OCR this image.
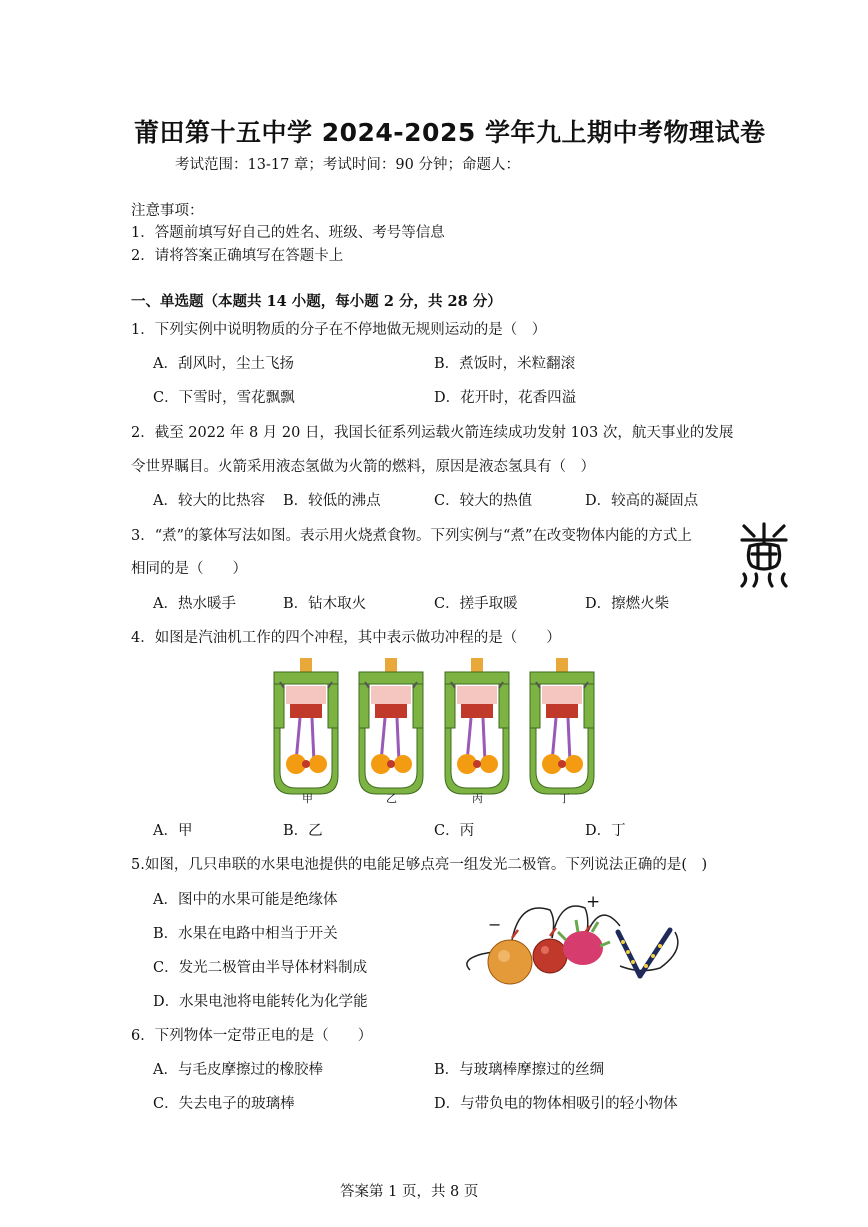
莆田第十五中学 2024-2025 学年九上期中考物理试卷
考试范围：13-17 章；考试时间：90 分钟；命题人：
注意事项：
1．答题前填写好自己的姓名、班级、考号等信息
2．请将答案正确填写在答题卡上
一、单选题（本题共 14 小题，每小题 2 分，共 28 分）
1．下列实例中说明物质的分子在不停地做无规则运动的是（　）
A．刮风时，尘土飞扬	B．煮饭时，米粒翻滚
C．下雪时，雪花飘飘	D．花开时，花香四溢
2．截至 2022 年 8 月 20 日，我国长征系列运载火箭连续成功发射 103 次，航天事业的发展
令世界瞩目。火箭采用液态氢做为火箭的燃料，原因是液态氢具有（　）
A．较大的比热容 B．较低的沸点	C．较大的热值	D．较高的凝固点
3．“煮”的篆体写法如图。表示用火烧煮食物。下列实例与“煮”在改变物体内能的方式上
相同的是（　　）
A．热水暖手	B．钻木取火	C．搓手取暖	D．擦燃火柴
4．如图是汽油机工作的四个冲程，其中表示做功冲程的是（　　）
甲	乙	丙	丁
A．甲	B．乙	C．丙	D．丁
5.如图，几只串联的水果电池提供的电能足够点亮一组发光二极管。下列说法正确的是(　)
A．图中的水果可能是绝缘体
B．水果在电路中相当于开关
C．发光二极管由半导体材料制成
D．水果电池将电能转化为化学能
−
+
6．下列物体一定带正电的是（　　）
A．与毛皮摩擦过的橡胶棒	B．与玻璃棒摩擦过的丝绸
C．失去电子的玻璃棒	D．与带负电的物体相吸引的轻小物体
答案第 1 页，共 8 页
